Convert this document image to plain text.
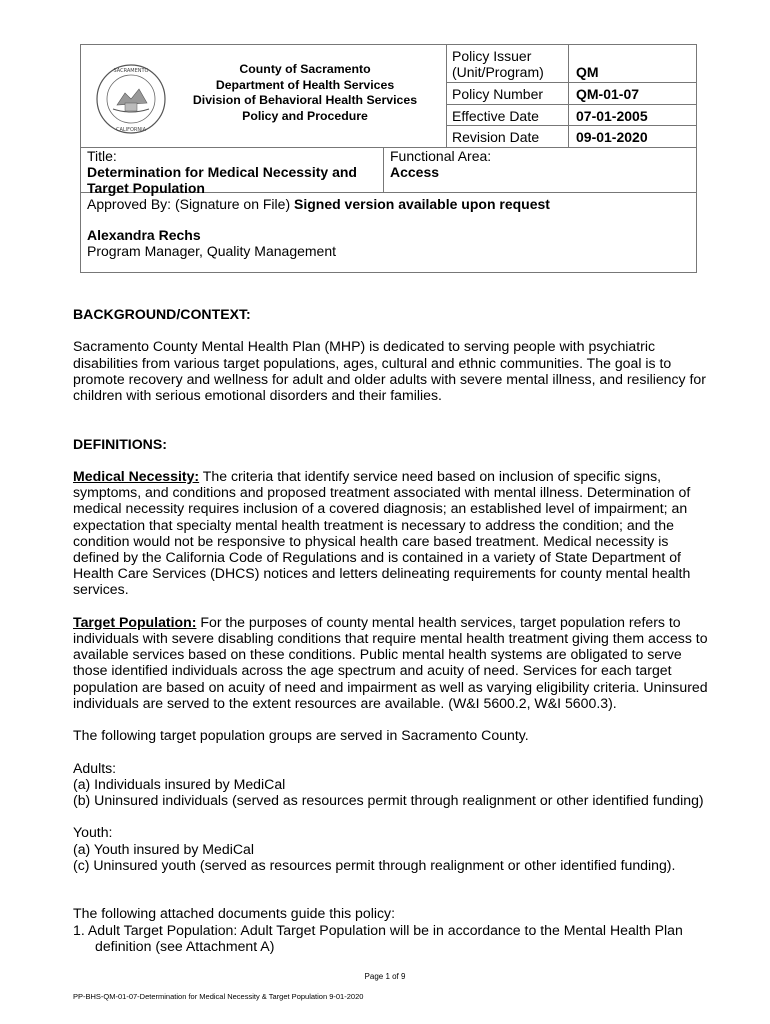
SACRAMENTO
CALIFORNIA
County of Sacramento
Department of Health Services
Division of Behavioral Health Services
Policy and Procedure
Policy Issuer
(Unit/Program) QM
Policy Number QM-01-07
Effective Date	07-01-2005
Revision Date	09-01-2020
Title:
Determination for Medical Necessity and
Target Population
Functional Area:
Access
Approved By: (Signature on File) Signed version available upon request
Alexandra Rechs
Program Manager, Quality Management

BACKGROUND/CONTEXT:

Sacramento County Mental Health Plan (MHP) is dedicated to serving people with psychiatric disabilities from various target populations, ages, cultural and ethnic communities. The goal is to promote recovery and wellness for adult and older adults with severe mental illness, and resiliency for children with serious emotional disorders and their families.

DEFINITIONS:

Medical Necessity: The criteria that identify service need based on inclusion of specific signs, symptoms, and conditions and proposed treatment associated with mental illness. Determination of medical necessity requires inclusion of a covered diagnosis; an established level of impairment; an expectation that specialty mental health treatment is necessary to address the condition; and the condition would not be responsive to physical health care based treatment. Medical necessity is defined by the California Code of Regulations and is contained in a variety of State Department of Health Care Services (DHCS) notices and letters delineating requirements for county mental health services.

Target Population: For the purposes of county mental health services, target population refers to individuals with severe disabling conditions that require mental health treatment giving them access to available services based on these conditions. Public mental health systems are obligated to serve those identified individuals across the age spectrum and acuity of need. Services for each target population are based on acuity of need and impairment as well as varying eligibility criteria. Uninsured individuals are served to the extent resources are available. (W&I 5600.2, W&I 5600.3).

The following target population groups are served in Sacramento County.

Adults:

(a) Individuals insured by MediCal

(b) Uninsured individuals (served as resources permit through realignment or other identified funding)

Youth:

(a) Youth insured by MediCal

(c) Uninsured youth (served as resources permit through realignment or other identified funding).

The following attached documents guide this policy:

1. Adult Target Population: Adult Target Population will be in accordance to the Mental Health Plan definition (see Attachment A)

Page 1 of 9
PP-BHS-QM-01-07-Determination for Medical Necessity & Target Population 9-01-2020
